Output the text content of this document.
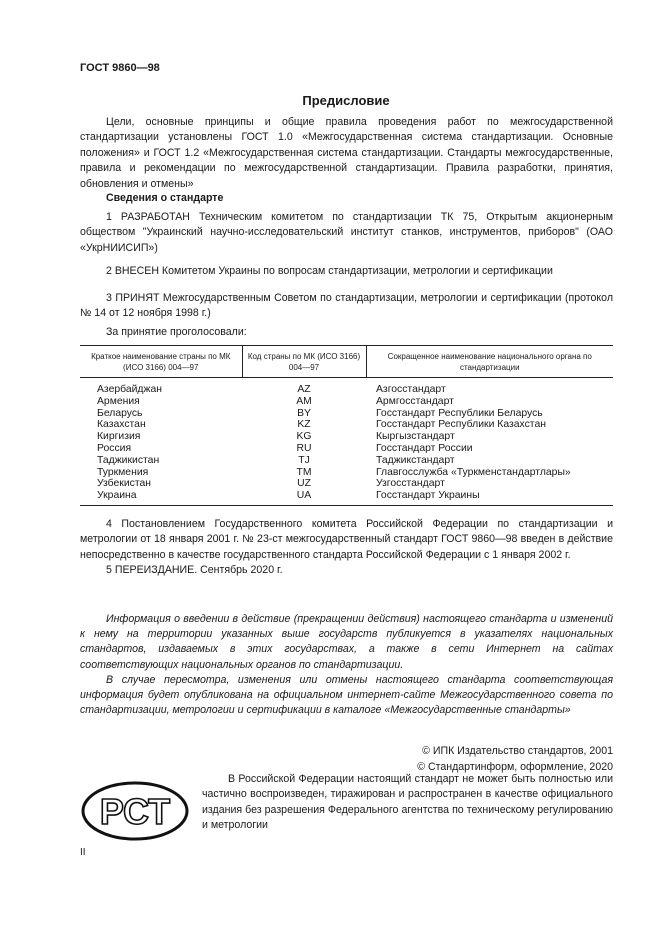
ГОСТ 9860—98
Предисловие
Цели, основные принципы и общие правила проведения работ по межгосударственной стандартизации установлены ГОСТ 1.0 «Межгосударственная система стандартизации. Основные положения» и ГОСТ 1.2 «Межгосударственная система стандартизации. Стандарты межгосударственные, правила и рекомендации по межгосударственной стандартизации. Правила разработки, принятия, обновления и отмены»
Сведения о стандарте
1 РАЗРАБОТАН Техническим комитетом по стандартизации ТК 75, Открытым акционерным обществом "Украинский научно-исследовательский институт станков, инструментов, приборов" (ОАО «УкрНИИСИП»)
2 ВНЕСЕН Комитетом Украины по вопросам стандартизации, метрологии и сертификации
3 ПРИНЯТ Межгосударственным Советом по стандартизации, метрологии и сертификации (протокол № 14 от 12 ноября 1998 г.)
За принятие проголосовали:
Краткое наименование страны по МК (ИСО 3166) 004—97	Код страны по МК (ИСО 3166) 004—97	Сокращенное наименование национального органа по стандартизации
Азербайджан	AZ	Азгосстандарт
Армения	AM	Армгосстандарт
Беларусь	BY	Госстандарт Республики Беларусь
Казахстан	KZ	Госстандарт Республики Казахстан
Киргизия	KG	Кыргызстандарт
Россия	RU	Госстандарт России
Таджикистан	TJ	Таджикстандарт
Туркмения	TM	Главгосслужба «Туркменстандартлары»
Узбекистан	UZ	Узгосстандарт
Украина	UA	Госстандарт Украины
4 Постановлением Государственного комитета Российской Федерации по стандартизации и метрологии от 18 января 2001 г. № 23-ст межгосударственный стандарт ГОСТ 9860—98 введен в действие непосредственно в качестве государственного стандарта Российской Федерации с 1 января 2002 г.
5 ПЕРЕИЗДАНИЕ. Сентябрь 2020 г.
Информация о введении в действие (прекращении действия) настоящего стандарта и изменений к нему на территории указанных выше государств публикуется в указателях национальных стандартов, издаваемых в этих государствах, а также в сети Интернет на сайтах соответствующих национальных органов по стандартизации.
В случае пересмотра, изменения или отмены настоящего стандарта соответствующая информация будет опубликована на официальном интернет-сайте Межгосударственного совета по стандартизации, метрологии и сертификации в каталоге «Межгосударственные стандарты»
© ИПК Издательство стандартов, 2001
© Стандартинформ, оформление, 2020
РСТ
В Российской Федерации настоящий стандарт не может быть полностью или частично воспроизведен, тиражирован и распространен в качестве официального издания без разрешения Федерального агентства по техническому регулированию и метрологии
II
